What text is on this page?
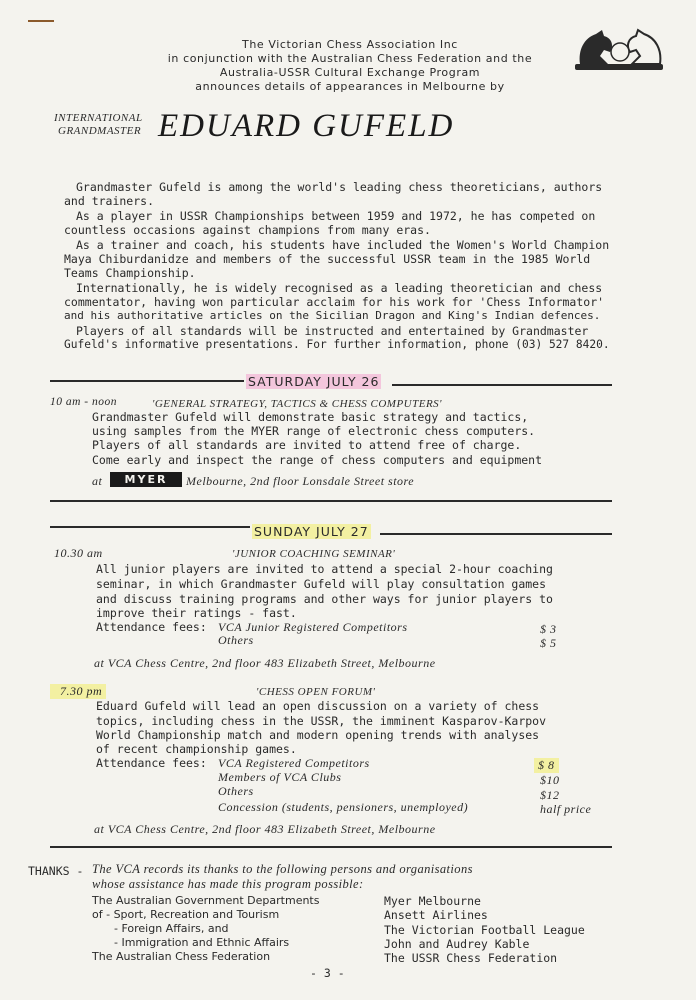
The Victorian Chess Association Inc
in conjunction with the Australian Chess Federation and the
Australia-USSR Cultural Exchange Program
announces details of appearances in Melbourne by
INTERNATIONAL
GRANDMASTER EDUARD GUFELD
Grandmaster Gufeld is among the world's leading chess theoreticians, authors
and trainers.
As a player in USSR Championships between 1959 and 1972, he has competed on
countless occasions against champions from many eras.
As a trainer and coach, his students have included the Women's World Champion
Maya Chiburdanidze and members of the successful USSR team in the 1985 World
Teams Championship.
Internationally, he is widely recognised as a leading theoretician and chess
commentator, having won particular acclaim for his work for 'Chess Informator'
and his authoritative articles on the Sicilian Dragon and King's Indian defences.
Players of all standards will be instructed and entertained by Grandmaster
Gufeld's informative presentations. For further information, phone (03) 527 8420.
SATURDAY JULY 26
10 am - noon	'GENERAL STRATEGY, TACTICS & CHESS COMPUTERS'
Grandmaster Gufeld will demonstrate basic strategy and tactics,
using samples from the MYER range of electronic chess computers.
Players of all standards are invited to attend free of charge.
Come early and inspect the range of chess computers and equipment
at	MYER	Melbourne, 2nd floor Lonsdale Street store
SUNDAY JULY 27
10.30 am	'JUNIOR COACHING SEMINAR'
All junior players are invited to attend a special 2-hour coaching
seminar, in which Grandmaster Gufeld will play consultation games
and discuss training programs and other ways for junior players to
improve their ratings - fast.
Attendance fees: VCA Junior Registered Competitors	$ 3
Others	$ 5
at VCA Chess Centre, 2nd floor 483 Elizabeth Street, Melbourne
7.30 pm	'CHESS OPEN FORUM'
Eduard Gufeld will lead an open discussion on a variety of chess
topics, including chess in the USSR, the imminent Kasparov-Karpov
World Championship match and modern opening trends with analyses
of recent championship games.
Attendance fees: VCA Registered Competitors	$ 8
Members of VCA Clubs	$10
Others	$12
Concession (students, pensioners, unemployed)	half price
at VCA Chess Centre, 2nd floor 483 Elizabeth Street, Melbourne
THANKS - The VCA records its thanks to the following persons and organisations
whose assistance has made this program possible:
The Australian Government Departments
of - Sport, Recreation and Tourism
- Foreign Affairs, and
- Immigration and Ethnic Affairs
The Australian Chess Federation
Myer Melbourne
Ansett Airlines
The Victorian Football League
John and Audrey Kable
The USSR Chess Federation
- 3 -
